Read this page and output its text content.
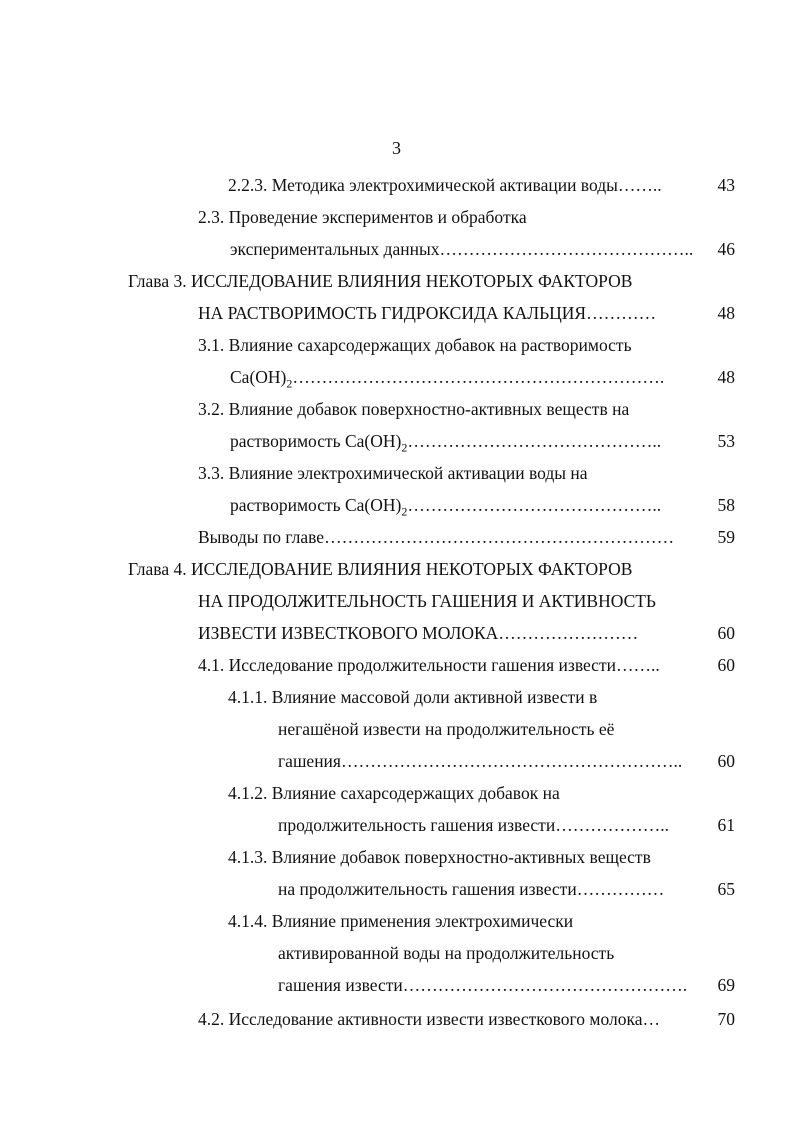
3
2.2.3. Методика электрохимической активации воды……..	43
2.3. Проведение экспериментов и обработка
экспериментальных данных……………………………………..	46
Глава 3. ИССЛЕДОВАНИЕ ВЛИЯНИЯ НЕКОТОРЫХ ФАКТОРОВ
НА РАСТВОРИМОСТЬ ГИДРОКСИДА КАЛЬЦИЯ…………	48
3.1. Влияние сахарсодержащих добавок на растворимость
$Ca(OH)_2\dots\dots\dots\dots\dots\dots\dots\dots\dots\dots\dots\dots\dots\dots\dots\dots\dots\dots\dots\dots\dots$.	48
3.2. Влияние добавок поверхностно-активных веществ на
растворимость $Ca(OH)_2\dots\dots\dots\dots\dots\dots\dots\dots\dots\dots\dots\dots\dots\dots$..	53
3.3. Влияние электрохимической активации воды на
растворимость $Ca(OH)_2\dots\dots\dots\dots\dots\dots\dots\dots\dots\dots\dots\dots\dots\dots$..	58
Выводы по главе……………………………………………………	59
Глава 4. ИССЛЕДОВАНИЕ ВЛИЯНИЯ НЕКОТОРЫХ ФАКТОРОВ
НА ПРОДОЛЖИТЕЛЬНОСТЬ ГАШЕНИЯ И АКТИВНОСТЬ
ИЗВЕСТИ ИЗВЕСТКОВОГО МОЛОКА……………………	60
4.1. Исследование продолжительности гашения извести……..	60
4.1.1. Влияние массовой доли активной извести в
негашёной извести на продолжительность её
гашения…………………………………………………..	60
4.1.2. Влияние сахарсодержащих добавок на
продолжительность гашения извести………………..	61
4.1.3. Влияние добавок поверхностно-активных веществ
на продолжительность гашения извести……………	65
4.1.4. Влияние применения электрохимически
активированной воды на продолжительность
гашения извести………………………………………….	69
4.2. Исследование активности извести известкового молока…	70
